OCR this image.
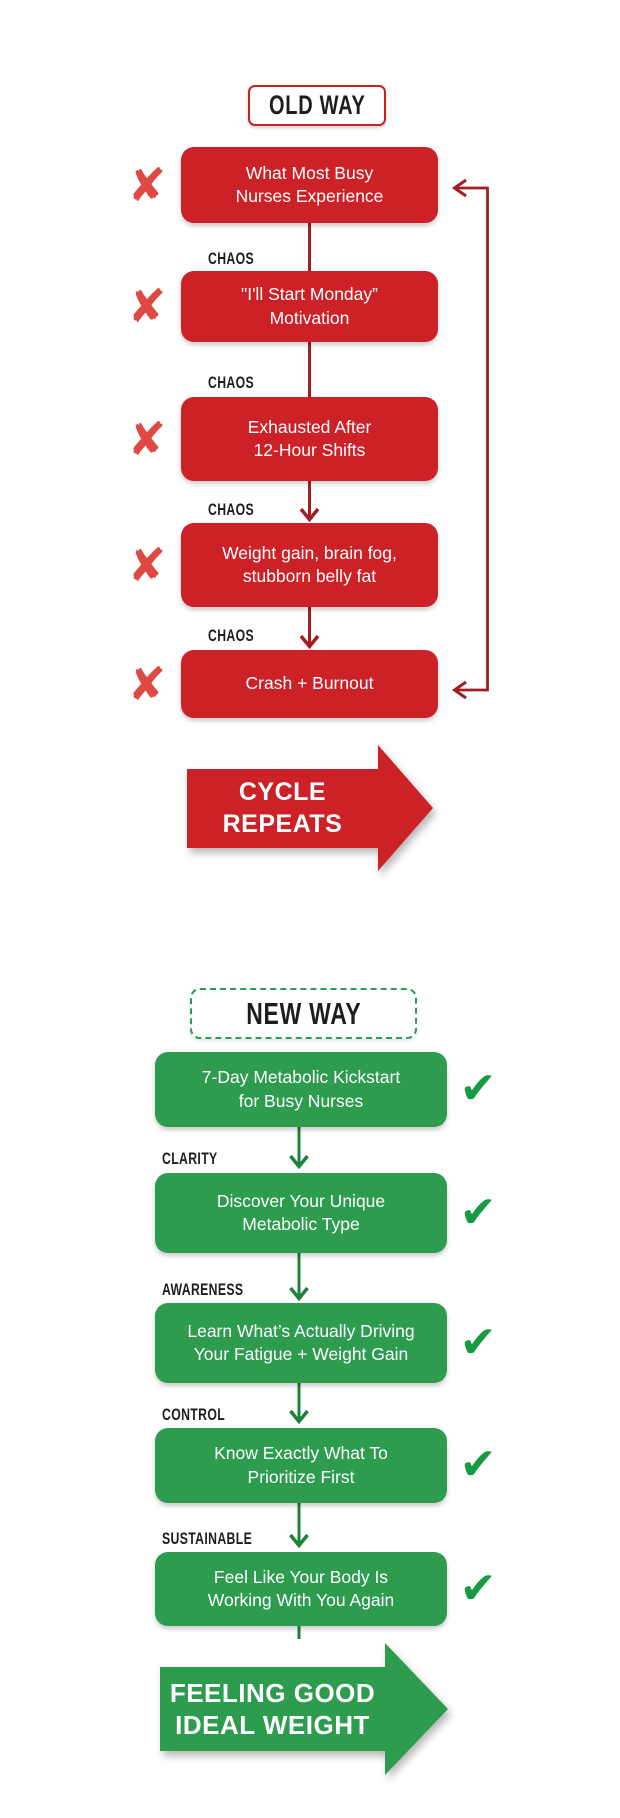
OLD WAY
✘	What Most Busy
Nurses Experience
CHAOS
✘	"I'll Start Monday”
Motivation
CHAOS
✘	Exhausted After
12-Hour Shifts
CHAOS
✘	Weight gain, brain fog,
stubborn belly fat
CHAOS
✘	Crash + Burnout
CYCLE
REPEATS
NEW WAY
✔
7-Day Metabolic Kickstart
for Busy Nurses
CLARITY
✔
Discover Your Unique
Metabolic Type
AWARENESS
✔
Learn What’s Actually Driving
Your Fatigue + Weight Gain
CONTROL
✔
Know Exactly What To
Prioritize First
SUSTAINABLE
✔
Feel Like Your Body Is
Working With You Again
FEELING GOOD
IDEAL WEIGHT
